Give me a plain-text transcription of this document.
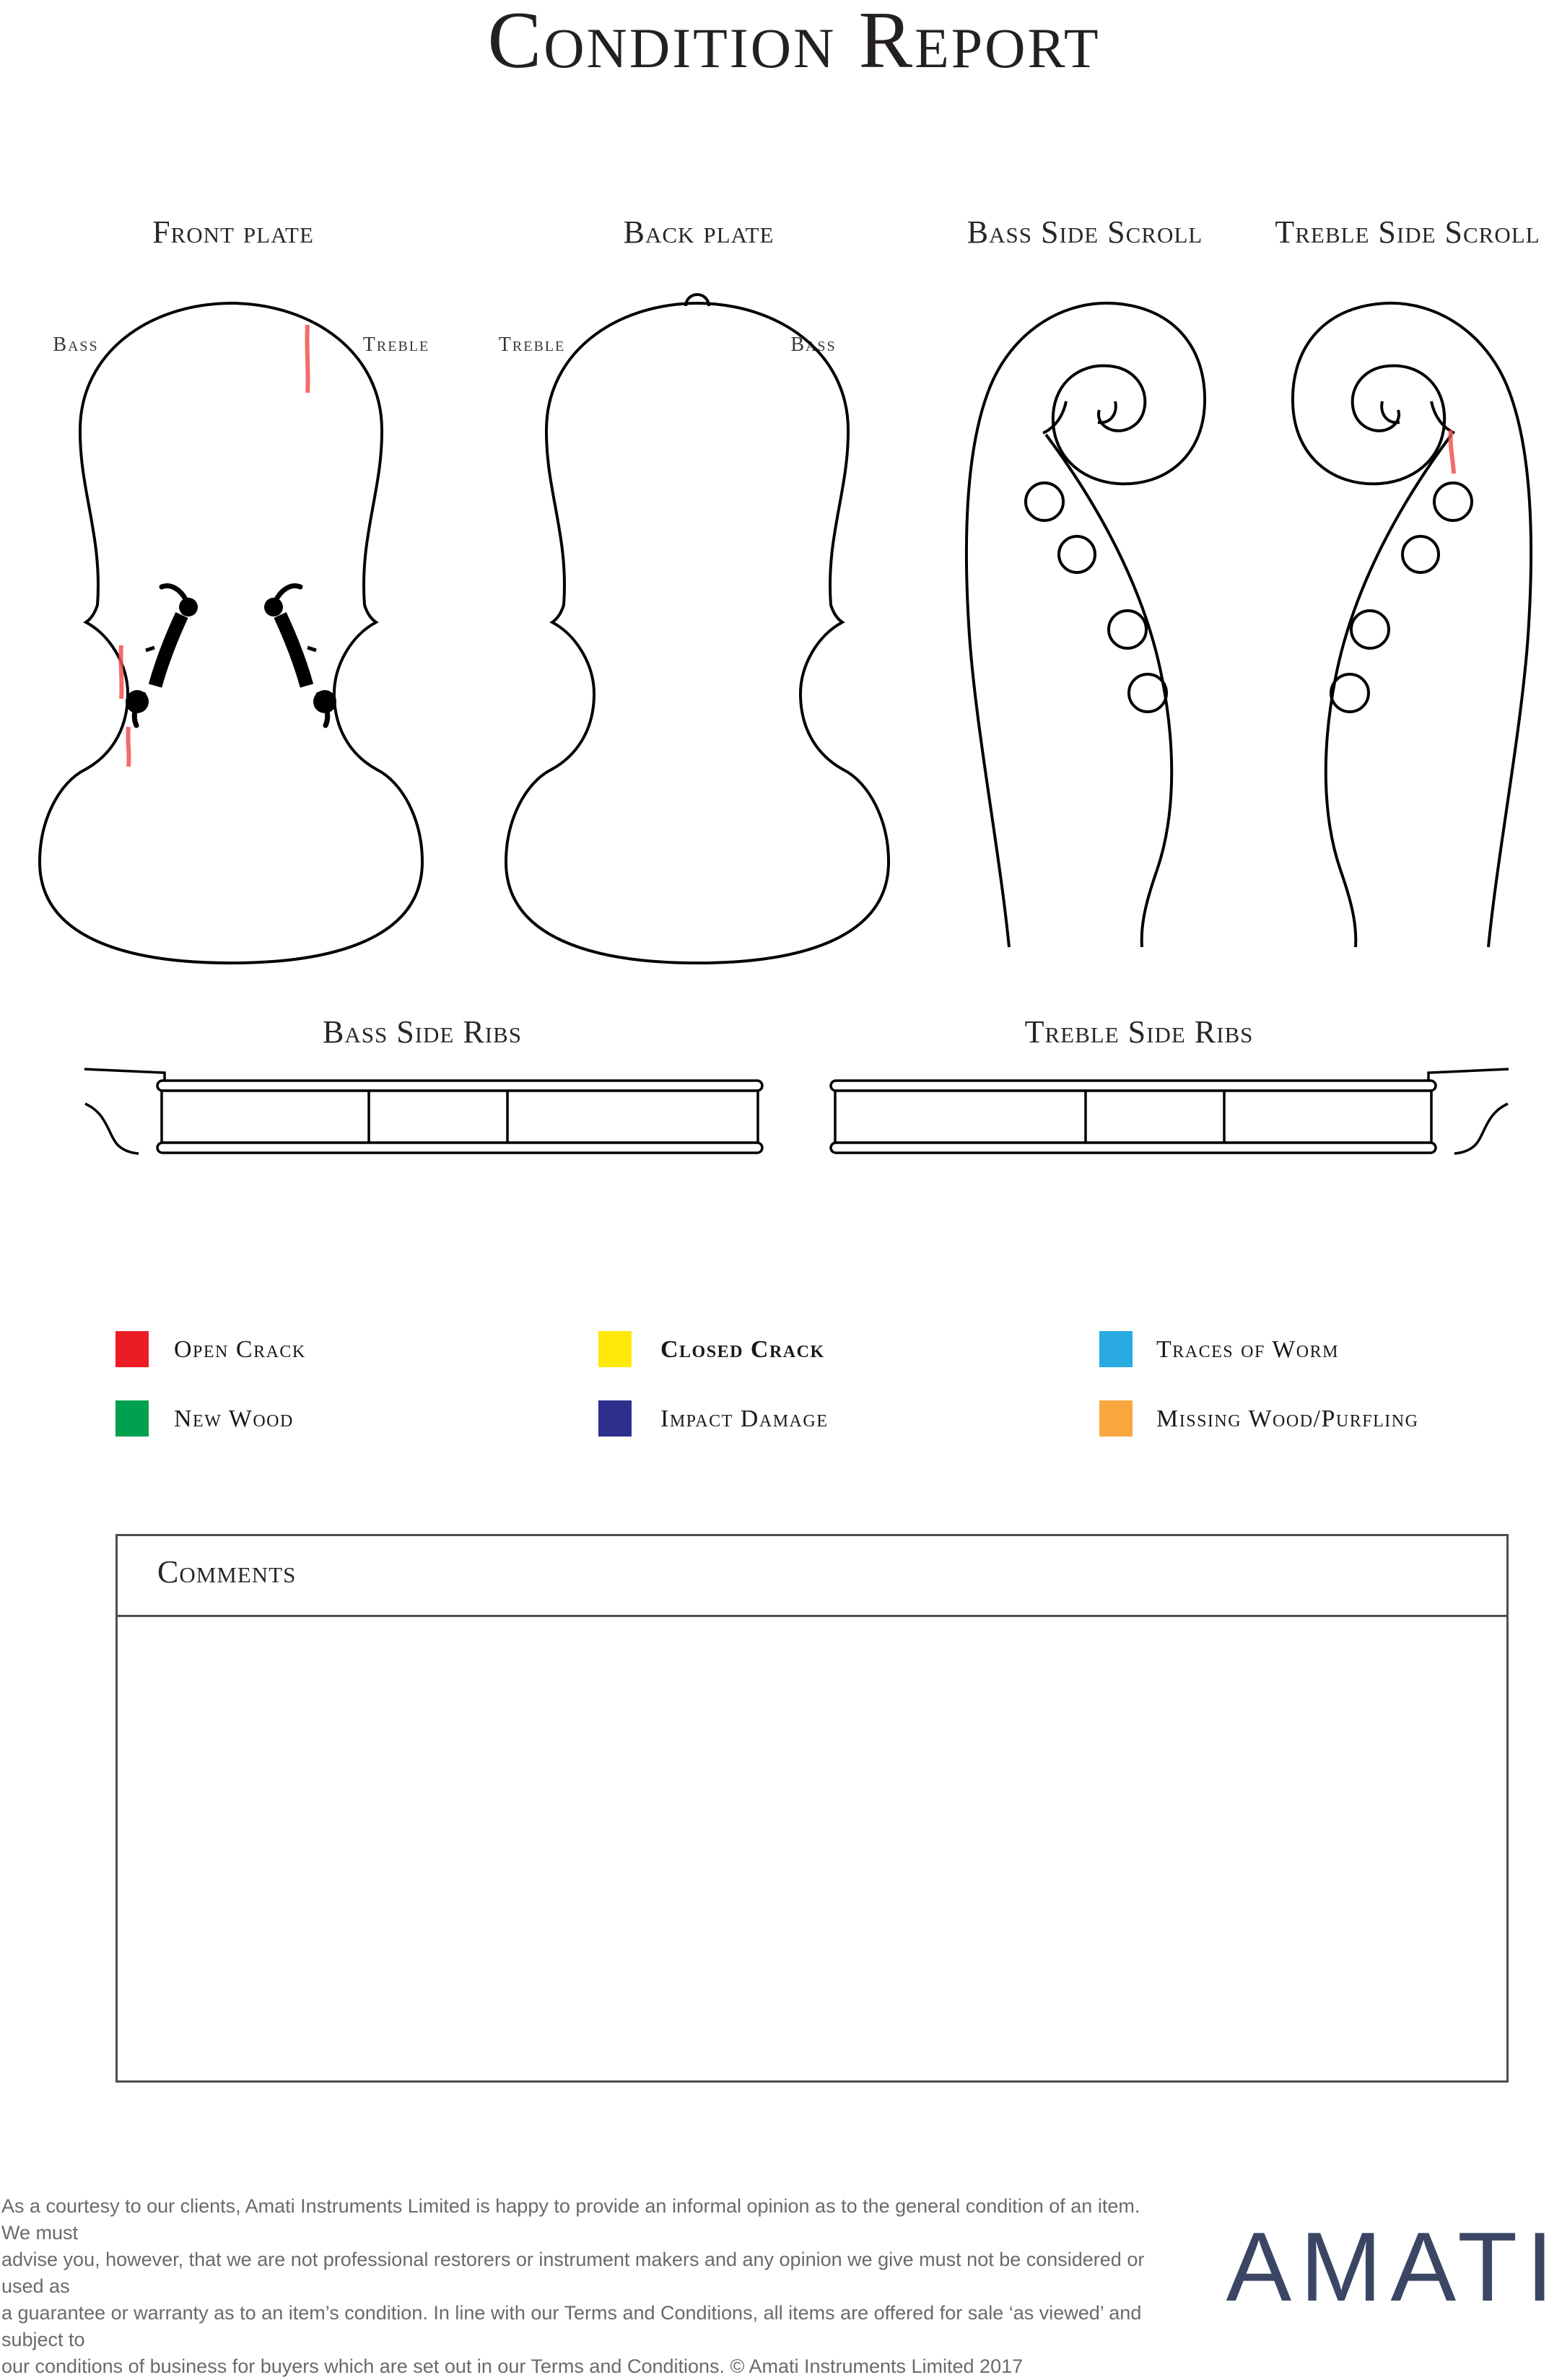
Condition Report
Front plate	Back plate	Bass Side Scroll Treble Side Scroll
Bass	Treble	Treble	Bass
Bass Side Ribs	Treble Side Ribs
Open Crack	Closed Crack	Traces of Worm
New Wood	Impact Damage	Missing Wood/Purfling
Comments
As a courtesy to our clients, Amati Instruments Limited is happy to provide an informal opinion as to the general condition of an item. We must
advise you, however, that we are not professional restorers or instrument makers and any opinion we give must not be considered or used as
a guarantee or warranty as to an item’s condition. In line with our Terms and Conditions, all items are offered for sale ‘as viewed’ and subject to
our conditions of business for buyers which are set out in our Terms and Conditions. © Amati Instruments Limited 2017
AMATI
